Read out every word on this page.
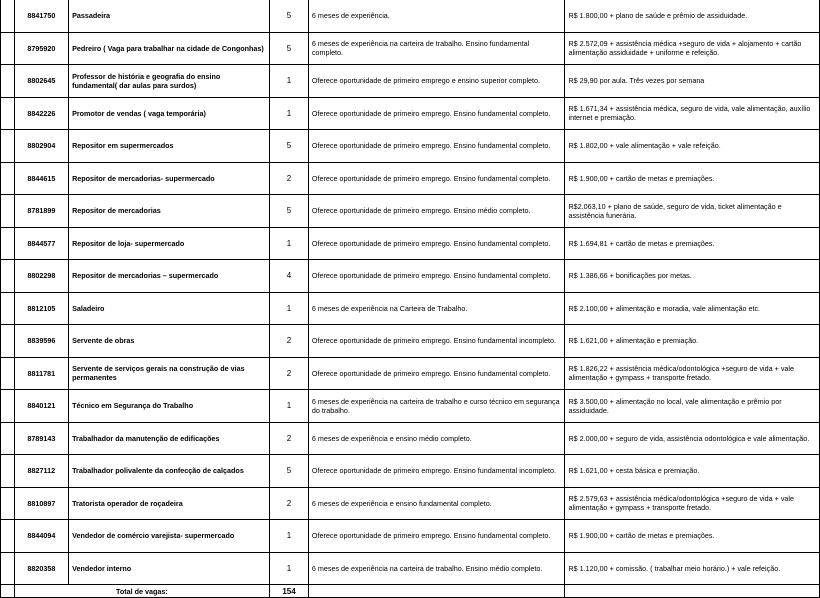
	8841750	Passadeira	5	6 meses de experiência.	R$ 1.800,00 + plano de saúde e prêmio de assiduidade.
	8795920	Pedreiro ( Vaga para trabalhar na cidade de Congonhas)	5	6 meses de experiência na carteira de trabalho. Ensino fundamental completo.	R$ 2.572,09 + assistência médica +seguro de vida + alojamento + cartão alimentação assiduidade + uniforme e refeição.
	8802645	Professor de história e geografia do ensino fundamental( dar aulas para surdos)	1	Oferece oportunidade de primeiro emprego e ensino superior completo.	R$ 29,90 por aula. Três vezes por semana
	8842226	Promotor de vendas ( vaga temporária)	1	Oferece oportunidade de primeiro emprego. Ensino fundamental completo.	R$ 1.671,34 + assistência médica, seguro de vida, vale alimentação, auxílio internet e premiação.
	8802904	Repositor em supermercados	5	Oferece oportunidade de primeiro emprego. Ensino fundamental completo.	R$ 1.802,00 + vale alimentação + vale refeição.
	8844615	Repositor de mercadorias- supermercado	2	Oferece oportunidade de primeiro emprego. Ensino fundamental completo.	R$ 1.900,00 + cartão de metas e premiações.
	8781899	Repositor de mercadorias	5	Oferece oportunidade de primeiro emprego. Ensino médio completo.	R$2.063,10 + plano de saúde, seguro de vida, ticket alimentação e assistência funerária.
	8844577	Repositor de loja- supermercado	1	Oferece oportunidade de primeiro emprego. Ensino fundamental completo.	R$ 1.694,81 + cartão de metas e premiações.
	8802298	Repositor de mercadorias – supermercado	4	Oferece oportunidade de primeiro emprego. Ensino fundamental completo.	R$ 1.386,66 + bonificações por metas.
	8812105	Saladeiro	1	6 meses de experiência na Carteira de Trabalho.	R$ 2.100,00 + alimentação e moradia, vale alimentação etc.
	8839596	Servente de obras	2	Oferece oportunidade de primeiro emprego. Ensino fundamental incompleto.	R$ 1.621,00 + alimentação e premiação.
	8811781	Servente de serviços gerais na construção de vias permanentes	2	Oferece oportunidade de primeiro emprego. Ensino fundamental completo.	R$ 1.826,22 + assistência médica/odontológica +seguro de vida + vale alimentação + gympass + transporte fretado.
	8840121	Técnico em Segurança do Trabalho	1	6 meses de experiência na carteira de trabalho e curso técnico em segurança do trabalho.	R$ 3.500,00 + alimentação no local, vale alimentação e prêmio por assiduidade.
	8789143	Trabalhador da manutenção de edificações	2	6 meses de experiência e ensino médio completo.	R$ 2.000,00 + seguro de vida, assistência odontológica e vale alimentação.
	8827112	Trabalhador polivalente da confecção de calçados	5	Oferece oportunidade de primeiro emprego. Ensino fundamental incompleto.	R$ 1.621,00 + cesta básica e premiação.
	8810897	Tratorista operador de roçadeira	2	6 meses de experiência e ensino fundamental completo.	R$ 2.579,63 + assistência médica/odontológica +seguro de vida + vale alimentação + gympass + transporte fretado.
	8844094	Vendedor de comércio varejista- supermercado	1	Oferece oportunidade de primeiro emprego. Ensino fundamental completo.	R$ 1.900,00 + cartão de metas e premiações.
	8820358	Vendedor interno	1	6 meses de experiência na carteira de trabalho. Ensino médio completo.	R$ 1.120,00 + comissão. ( trabalhar meio horário.) + vale refeição.
	Total de vagas:		154		
